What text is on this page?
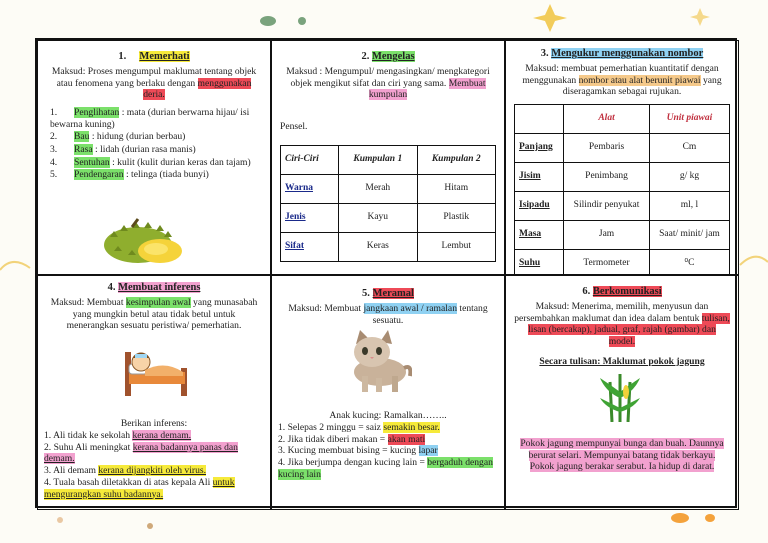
1. Memerhati
Maksud: Proses mengumpul maklumat tentang objek atau fenomena yang berlaku dengan menggunakan deria.
1. Penglihatan : mata (durian berwarna hijau/ isi bewarna kuning)
2. Bau : hidung (durian berbau)
3. Rasa : lidah (durian rasa manis)
4. Sentuhan : kulit (kulit durian keras dan tajam)
5. Pendengaran : telinga (tiada bunyi)
2. Mengelas
Maksud : Mengumpul/ mengasingkan/ mengkategori objek mengikut sifat dan ciri yang sama. Membuat kumpulan
Pensel.
Ciri-Ciri	Kumpulan 1	Kumpulan 2
Warna	Merah	Hitam
Jenis	Kayu	Plastik
Sifat	Keras	Lembut
3. Mengukur menggunakan nombor
Maksud: membuat pemerhatian kuantitatif dengan menggunakan nombor atau alat berunit piawai yang diseragamkan sebagai rujukan.
	Alat	Unit piawai
Panjang	Pembaris	Cm
Jisim	Penimbang	g/ kg
Isipadu	Silindir penyukat	ml, l
Masa	Jam	Saat/ minit/ jam
Suhu	Termometer	⁰C
4. Membuat inferens
Maksud: Membuat kesimpulan awal yang munasabah yang mungkin betul atau tidak betul untuk menerangkan sesuatu peristiwa/ pemerhatian.
Berikan inferens:
1. Ali tidak ke sekolah kerana demam.
2. Suhu Ali meningkat kerana badannya panas dan demam.
3. Ali demam kerana dijangkiti oleh virus.
4. Tuala basah diletakkan di atas kepala Ali untuk mengurangkan suhu badannya.
5. Meramal
Maksud: Membuat jangkaan awal / ramalan tentang sesuatu.
Anak kucing: Ramalkan……..
1. Selepas 2 minggu = saiz semakin besar.
2. Jika tidak diberi makan = akan mati
3. Kucing membuat bising = kucing lapar
4. Jika berjumpa dengan kucing lain = bergaduh dengan kucing lain
6. Berkomunikasi
Maksud: Menerima, memilih, menyusun dan persembahkan maklumat dan idea dalam bentuk tulisan, lisan (bercakap), jadual, graf, rajah (gambar) dan model.
Secara tulisan: Maklumat pokok jagung
Pokok jagung mempunyai bunga dan buah. Daunnya berurat selari. Mempunyai batang tidak berkayu. Pokok jagung berakar serabut. Ia hidup di darat.
